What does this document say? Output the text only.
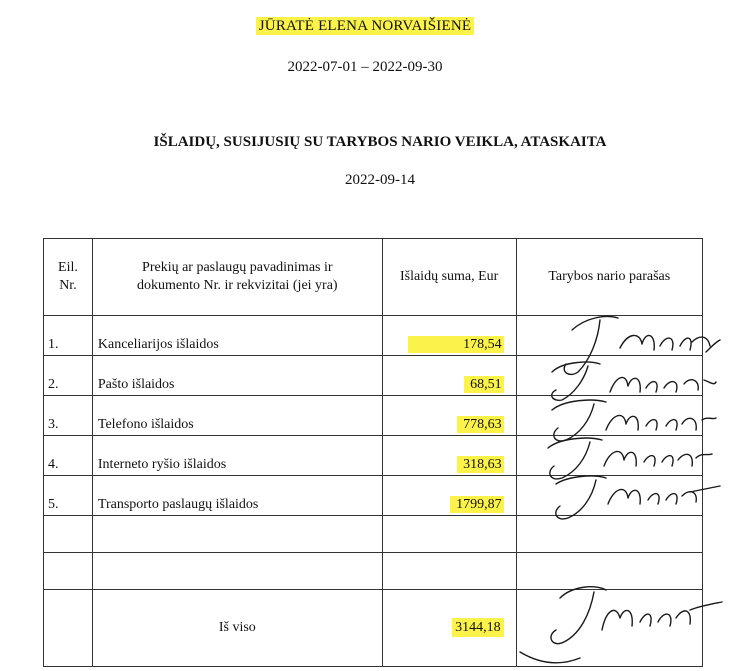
JŪRATĖ ELENA NORVAIŠIENĖ
2022-07-01 – 2022-09-30
IŠLAIDŲ, SUSIJUSIŲ SU TARYBOS NARIO VEIKLA, ATASKAITA
2022-09-14
Eil. Nr.	Prekių ar paslaugų pavadinimas ir dokumento Nr. ir rekvizitai (jei yra)	Išlaidų suma, Eur	Tarybos nario parašas
1.	Kanceliarijos išlaidos	178,54	
2.	Pašto išlaidos	68,51	
3.	Telefono išlaidos	778,63	
4.	Interneto ryšio išlaidos	318,63	
5.	Transporto paslaugų išlaidos	1799,87	

	Iš viso	3144,18	
